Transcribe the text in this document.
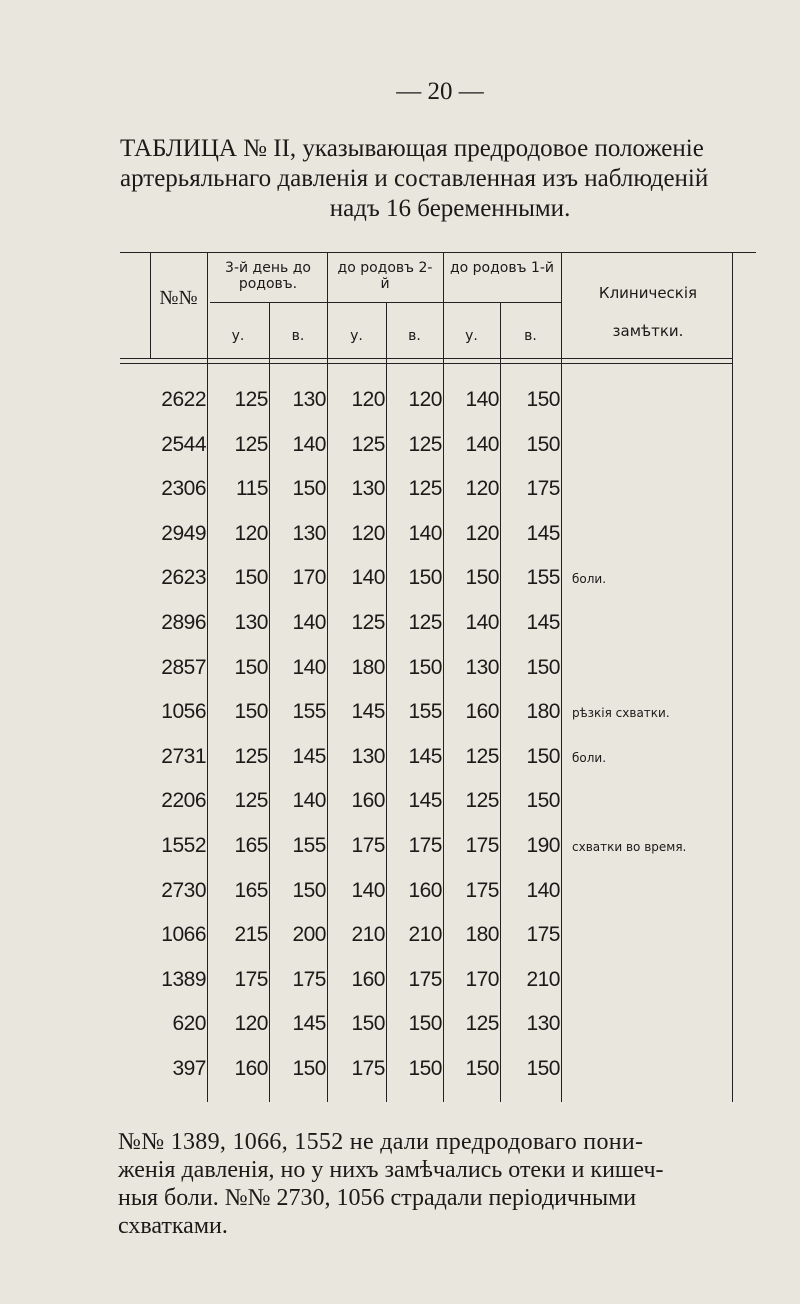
— 20 —
ТАБЛИЦА № II, указывающая предродовое положеніе
артерьяльнаго давленія и составленная изъ наблюденій
надъ 16 беременными.
№№
3-й день до родовъ.
до родовъ 2-й
до родовъ 1-й
Клиническія замѣтки.
у.	в.	у.	в.	у.	в.
2622	125	130	120	120	140	150
2544	125	140	125	125	140	150
2306	115	150	130	125	120	175
2949	120	130	120	140	120	145
2623	150	170	140	150	150	155 боли.
2896	130	140	125	125	140	145
2857	150	140	180	150	130	150
1056	150	155	145	155	160	180 рѣзкія схватки.
2731	125	145	130	145	125	150 боли.
2206	125	140	160	145	125	150
1552	165	155	175	175	175	190 схватки во время.
2730	165	150	140	160	175	140
1066	215	200	210	210	180	175
1389	175	175	160	175	170	210
620	120	145	150	150	125	130
397	160	150	175	150	150	150
№№ 1389, 1066, 1552 не дали предродоваго пони-
женія давленія, но у нихъ замѣчались отеки и кишеч-
ныя боли. №№ 2730, 1056 страдали періодичными
схватками.
